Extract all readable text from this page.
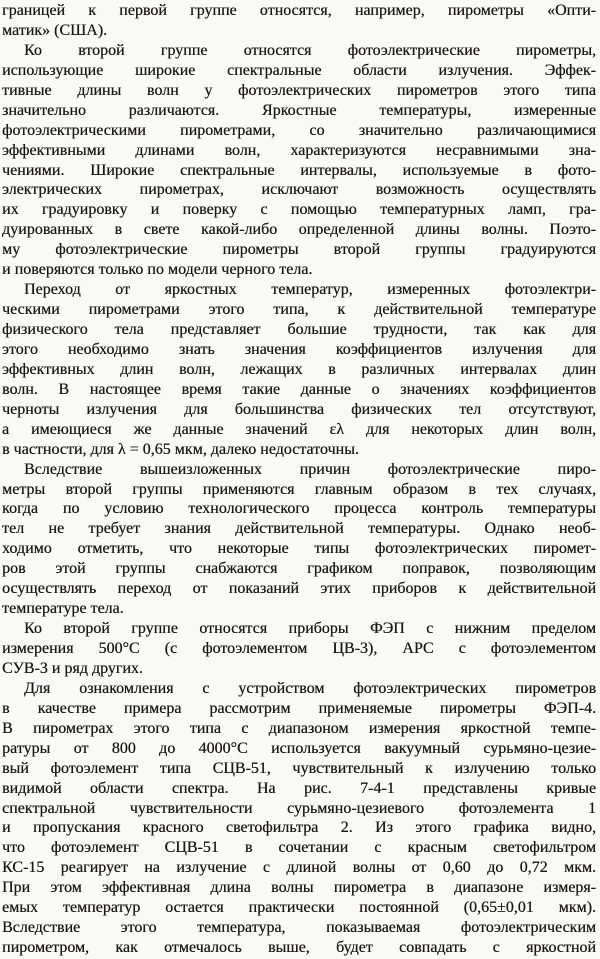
границей к первой группе относятся, например, пирометры «Опти-
матик» (США).
Ко второй группе относятся фотоэлектрические пирометры,
использующие широкие спектральные области излучения. Эффек-
тивные длины волн у фотоэлектрических пирометров этого типа
значительно различаются. Яркостные температуры, измеренные
фотоэлектрическими пирометрами, со значительно различающимися
эффективными длинами волн, характеризуются несравнимыми зна-
чениями. Широкие спектральные интервалы, используемые в фото-
электрических пирометрах, исключают возможность осуществлять
их градуировку и поверку с помощью температурных ламп, гра-
дуированных в свете какой-либо определенной длины волны. Поэто-
му фотоэлектрические пирометры второй группы градуируются
и поверяются только по модели черного тела.
Переход от яркостных температур, измеренных фотоэлектри-
ческими пирометрами этого типа, к действительной температуре
физического тела представляет большие трудности, так как для
этого необходимо знать значения коэффициентов излучения для
эффективных длин волн, лежащих в различных интервалах длин
волн. В настоящее время такие данные о значениях коэффициентов
черноты излучения для большинства физических тел отсутствуют,
а имеющиеся же данные значений ελ для некоторых длин волн,
в частности, для λ = 0,65 мкм, далеко недостаточны.
Вследствие вышеизложенных причин фотоэлектрические пиро-
метры второй группы применяются главным образом в тех случаях,
когда по условию технологического процесса контроль температуры
тел не требует знания действительной температуры. Однако необ-
ходимо отметить, что некоторые типы фотоэлектрических пиромет-
ров этой группы снабжаются графиком поправок, позволяющим
осуществлять переход от показаний этих приборов к действительной
температуре тела.
Ко второй группе относятся приборы ФЭП с нижним пределом
измерения 500°С (с фотоэлементом ЦВ-3), АРС с фотоэлементом
СУВ-3 и ряд других.
Для ознакомления с устройством фотоэлектрических пирометров
в качестве примера рассмотрим применяемые пирометры ФЭП-4.
В пирометрах этого типа с диапазоном измерения яркостной темпе-
ратуры от 800 до 4000°С используется вакуумный сурьмяно-цезие-
вый фотоэлемент типа СЦВ-51, чувствительный к излучению только
видимой области спектра. На рис. 7-4-1 представлены кривые
спектральной чувствительности сурьмяно-цезиевого фотоэлемента 1
и пропускания красного светофильтра 2. Из этого графика видно,
что фотоэлемент СЦВ-51 в сочетании с красным светофильтром
КС-15 реагирует на излучение с длиной волны от 0,60 до 0,72 мкм.
При этом эффективная длина волны пирометра в диапазоне измеря-
емых температур остается практически постоянной (0,65±0,01 мкм).
Вследствие этого температура, показываемая фотоэлектрическим
пирометром, как отмечалось выше, будет совпадать с яркостной
